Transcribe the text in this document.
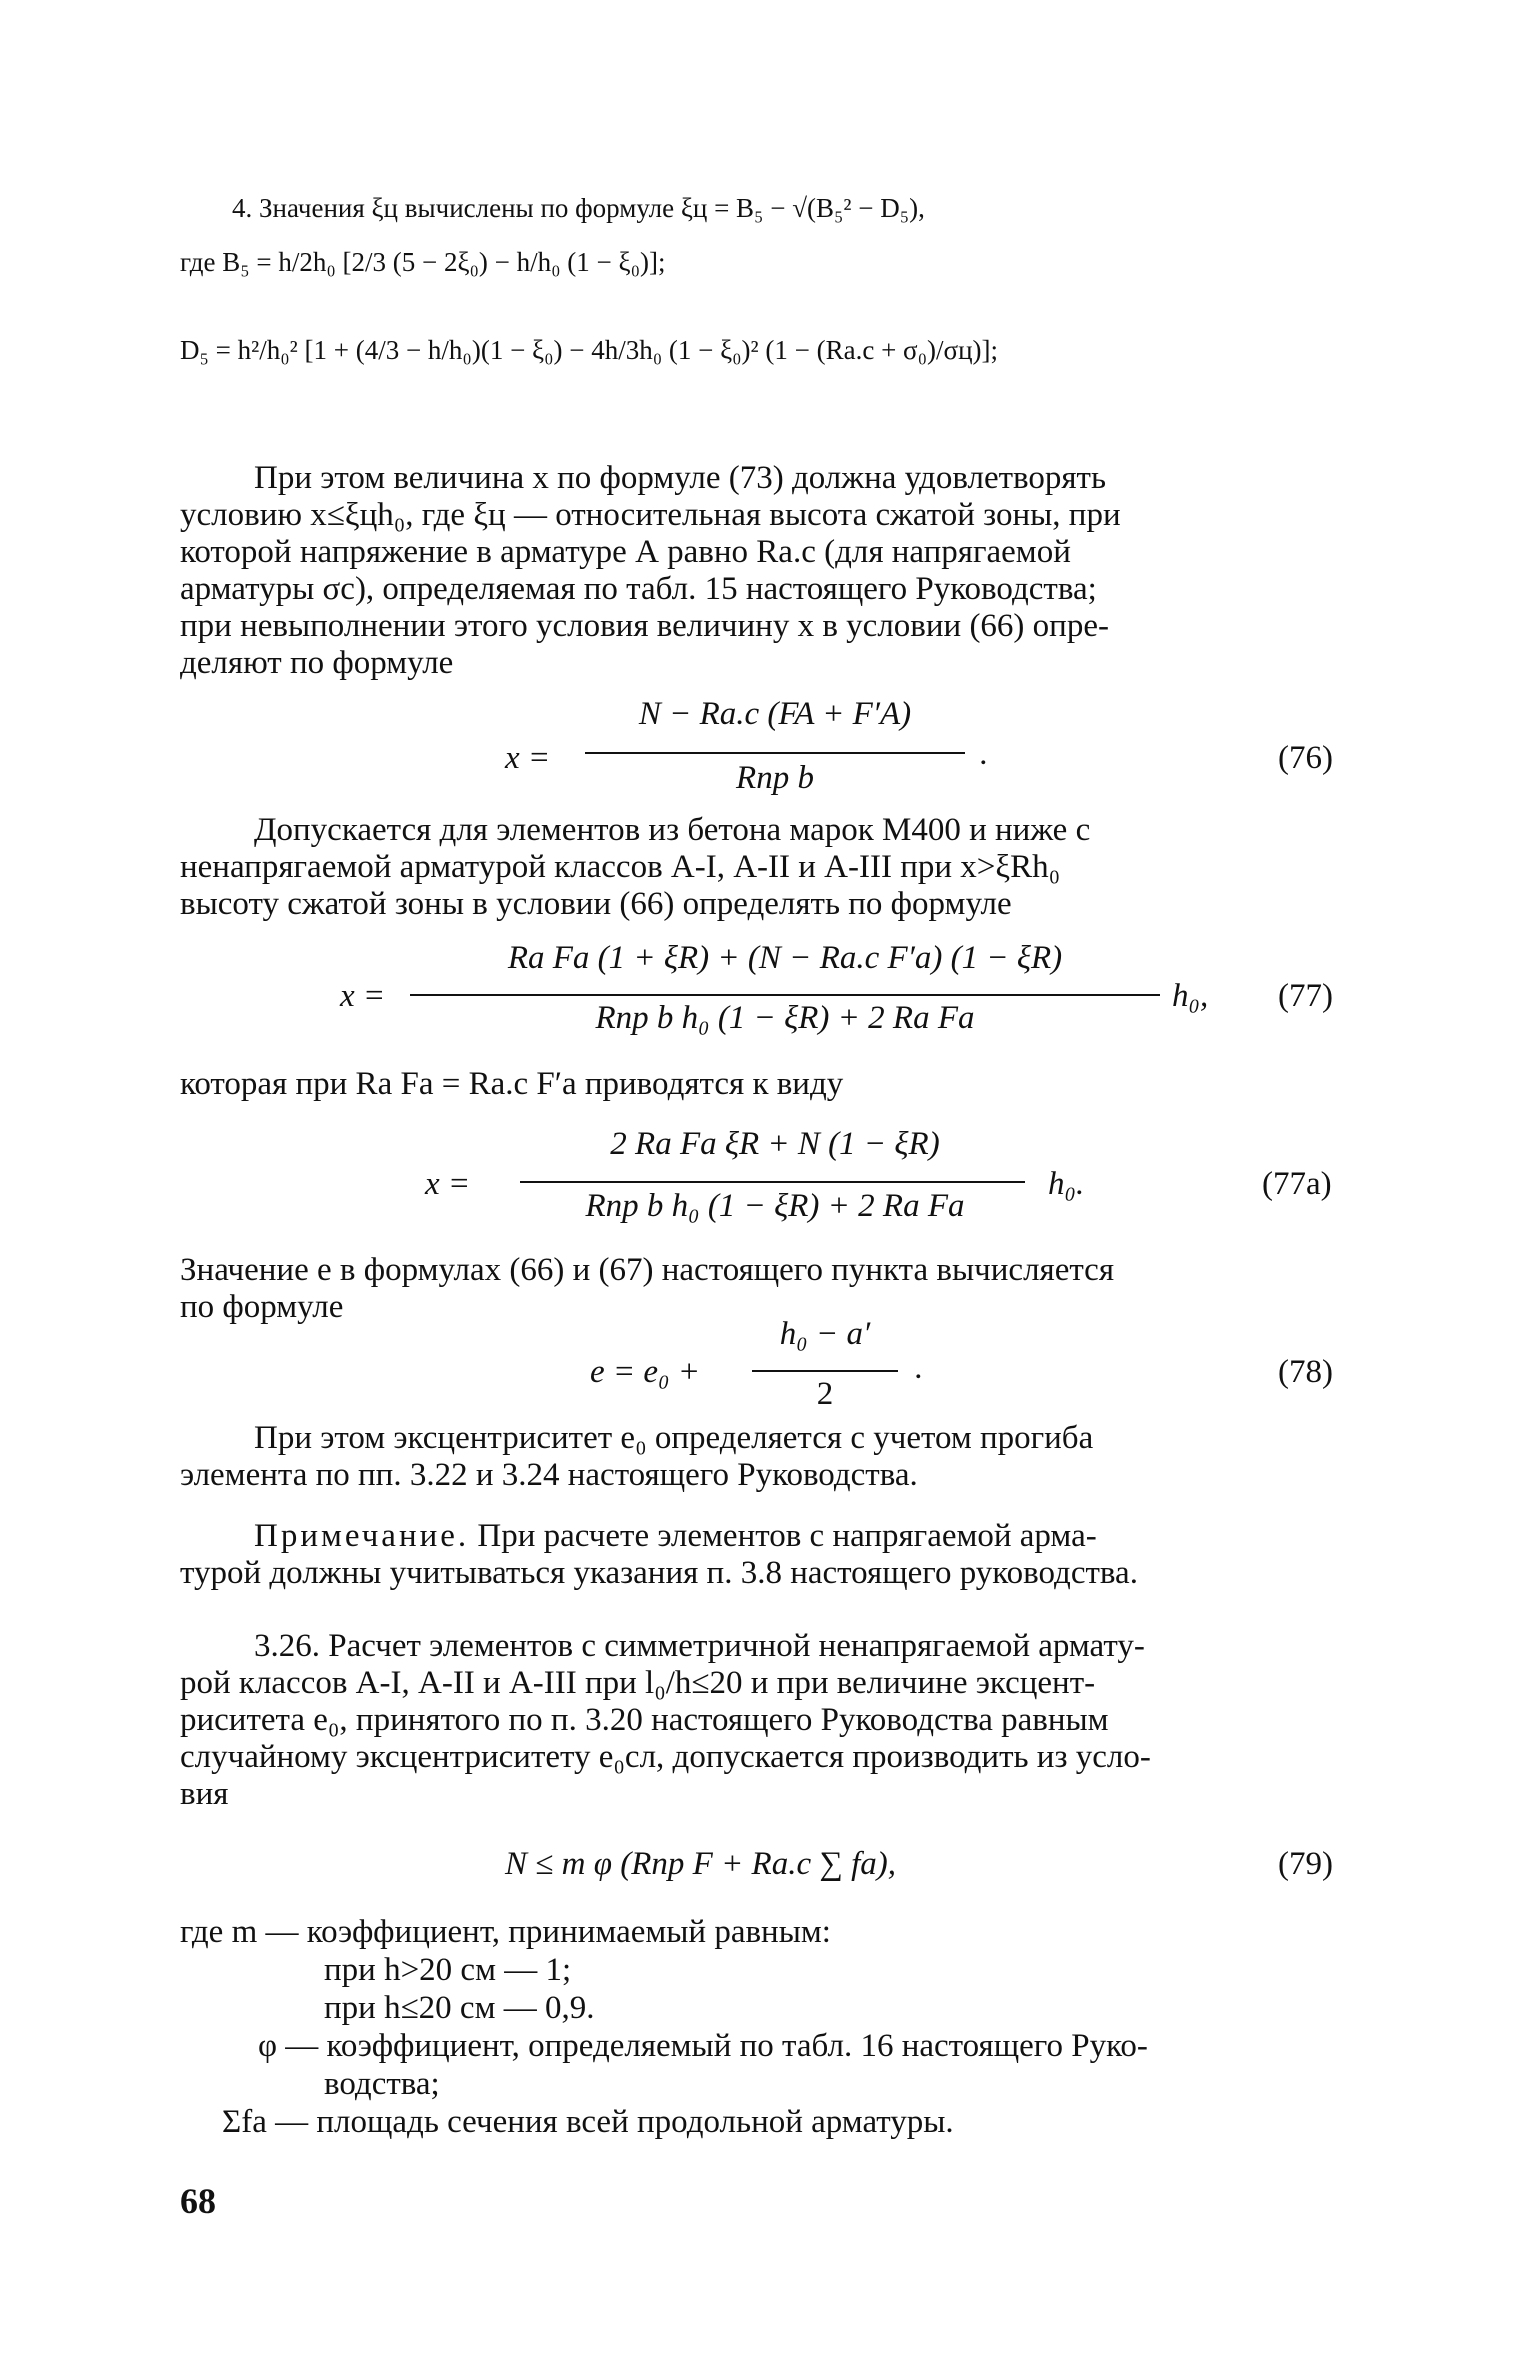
4. Значения ξц вычислены по формуле ξц = B₅ − √(B₅² − D₅),
где B₅ = h/2h₀ [2/3 (5 − 2ξ₀) − h/h₀ (1 − ξ₀)];
D₅ = h²/h₀² [1 + (4/3 − h/h₀)(1 − ξ₀) − 4h/3h₀ (1 − ξ₀)² (1 − (Ra.c + σ₀)/σц)];
При этом величина x по формуле (73) должна удовлетворять
условию x≤ξцh₀, где ξц — относительная высота сжатой зоны, при
которой напряжение в арматуре А равно Ra.c (для напрягаемой
арматуры σc), определяемая по табл. 15 настоящего Руководства;
при невыполнении этого условия величину x в условии (66) опре-
деляют по формуле
x =
N − Ra.c (FA + F′A)
Rпр b
.	(76)
Допускается для элементов из бетона марок М400 и ниже с
ненапрягаемой арматурой классов А-I, А-II и А-III при x>ξRh₀
высоту сжатой зоны в условии (66) определять по формуле
x =
Ra Fa (1 + ξR) + (N − Ra.c F′a) (1 − ξR)
Rпр b h₀ (1 − ξR) + 2 Ra Fa
h₀, (77)
которая при Ra Fa = Ra.c F′a приводятся к виду
x =
2 Ra Fa ξR + N (1 − ξR)
Rпр b h₀ (1 − ξR) + 2 Ra Fa
h₀.	(77а)
Значение e в формулах (66) и (67) настоящего пункта вычисляется
по формуле
e = e₀ +
h₀ − a′
2
.	(78)
При этом эксцентриситет e₀ определяется с учетом прогиба
элемента по пп. 3.22 и 3.24 настоящего Руководства.
Примечание. При расчете элементов с напрягаемой арма-
турой должны учитываться указания п. 3.8 настоящего руководства.
3.26. Расчет элементов с симметричной ненапрягаемой армату-
рой классов А-I, А-II и А-III при l₀/h≤20 и при величине эксцент-
риситета e₀, принятого по п. 3.20 настоящего Руководства равным
случайному эксцентриситету e₀сл, допускается производить из усло-
вия
N ≤ m φ (Rпр F + Ra.c ∑ fa),	(79)
где m — коэффициент, принимаемый равным:
при h>20 см — 1;
при h≤20 см — 0,9.
φ — коэффициент, определяемый по табл. 16 настоящего Руко-
водства;
Σfa — площадь сечения всей продольной арматуры.
68
